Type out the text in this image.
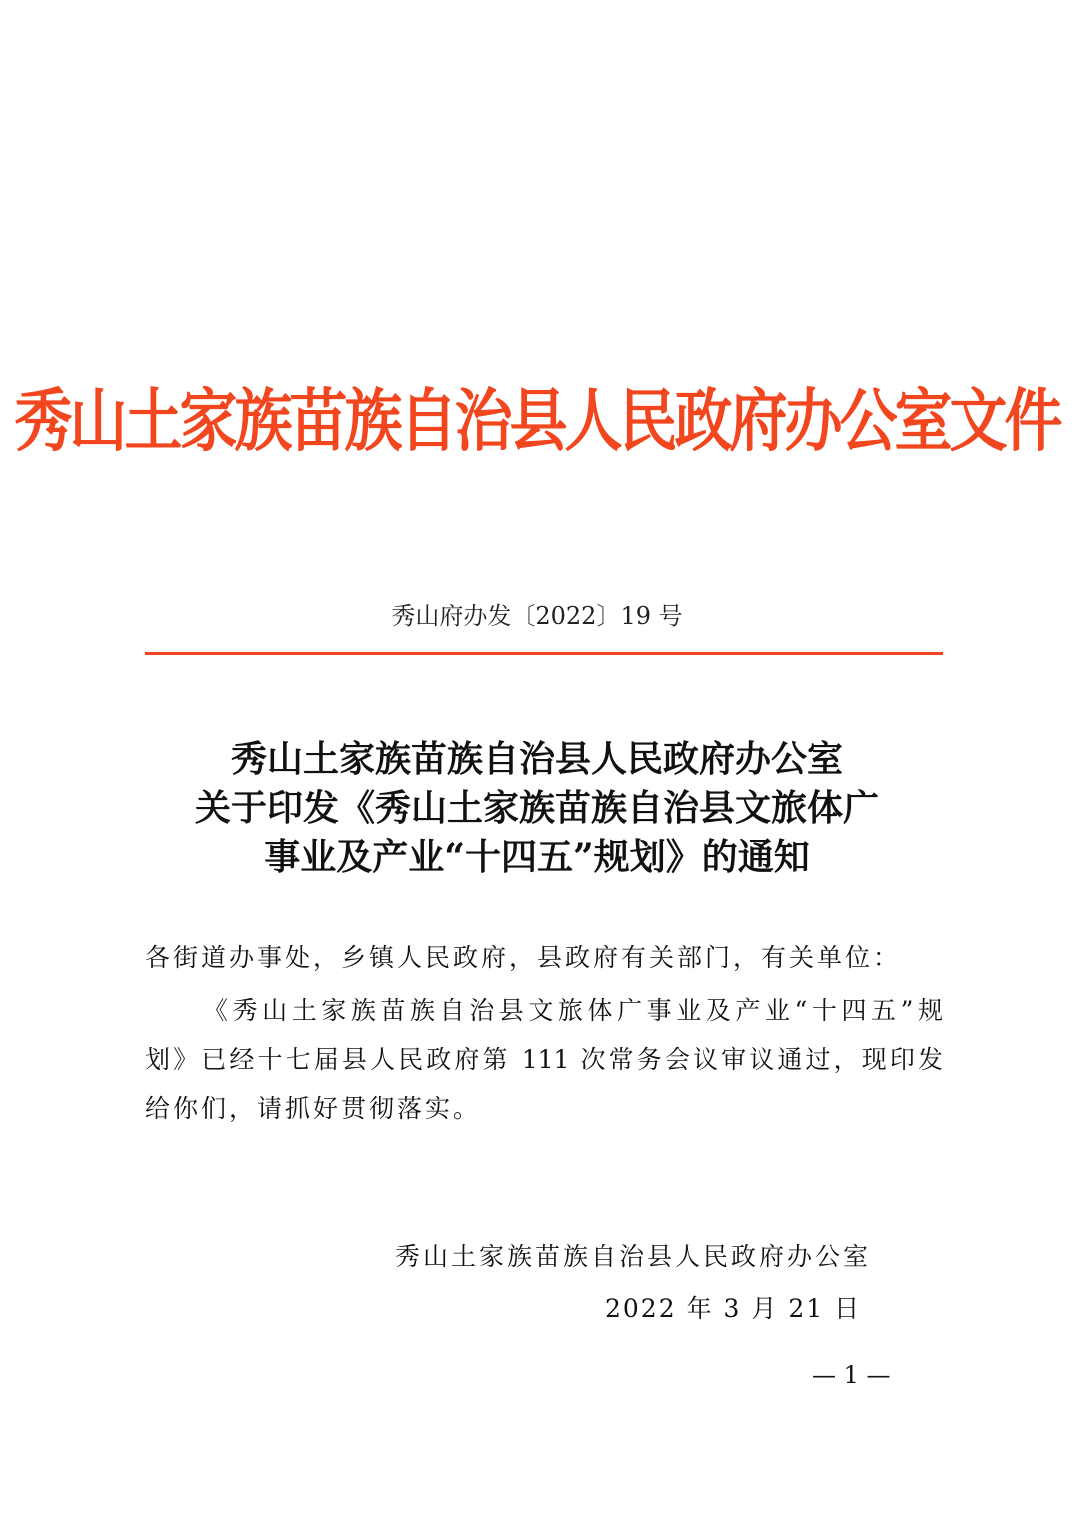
秀山土家族苗族自治县人民政府办公室文件
秀山府办发〔2022〕19 号
秀山土家族苗族自治县人民政府办公室
关于印发《秀山土家族苗族自治县文旅体广
事业及产业“十四五”规划》的通知
各街道办事处，乡镇人民政府，县政府有关部门，有关单位：
《秀山土家族苗族自治县文旅体广事业及产业“十四五”规
划》已经十七届县人民政府第 111 次常务会议审议通过，现印发
给你们，请抓好贯彻落实。
秀山土家族苗族自治县人民政府办公室
2022 年 3 月 21 日
— 1 —
